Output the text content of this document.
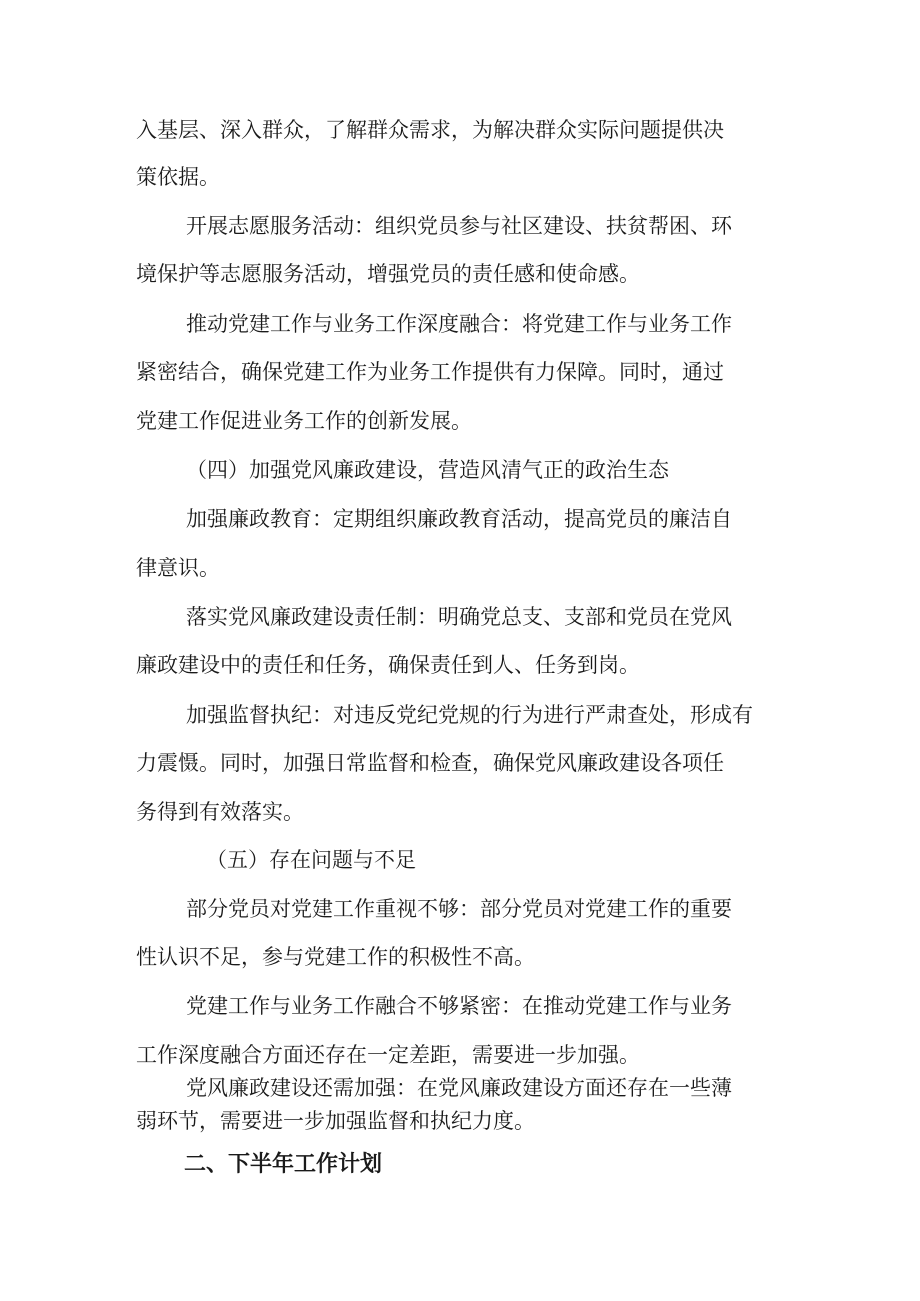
入基层、深入群众，了解群众需求，为解决群众实际问题提供决
策依据。
开展志愿服务活动：组织党员参与社区建设、扶贫帮困、环
境保护等志愿服务活动，增强党员的责任感和使命感。
推动党建工作与业务工作深度融合：将党建工作与业务工作
紧密结合，确保党建工作为业务工作提供有力保障。同时，通过
党建工作促进业务工作的创新发展。
（四）加强党风廉政建设，营造风清气正的政治生态
加强廉政教育：定期组织廉政教育活动，提高党员的廉洁自
律意识。
落实党风廉政建设责任制：明确党总支、支部和党员在党风
廉政建设中的责任和任务，确保责任到人、任务到岗。
加强监督执纪：对违反党纪党规的行为进行严肃查处，形成有
力震慑。同时，加强日常监督和检查，确保党风廉政建设各项任
务得到有效落实。
（五）存在问题与不足
部分党员对党建工作重视不够：部分党员对党建工作的重要
性认识不足，参与党建工作的积极性不高。
党建工作与业务工作融合不够紧密：在推动党建工作与业务
工作深度融合方面还存在一定差距，需要进一步加强。
党风廉政建设还需加强：在党风廉政建设方面还存在一些薄
弱环节，需要进一步加强监督和执纪力度。
二、下半年工作计划
